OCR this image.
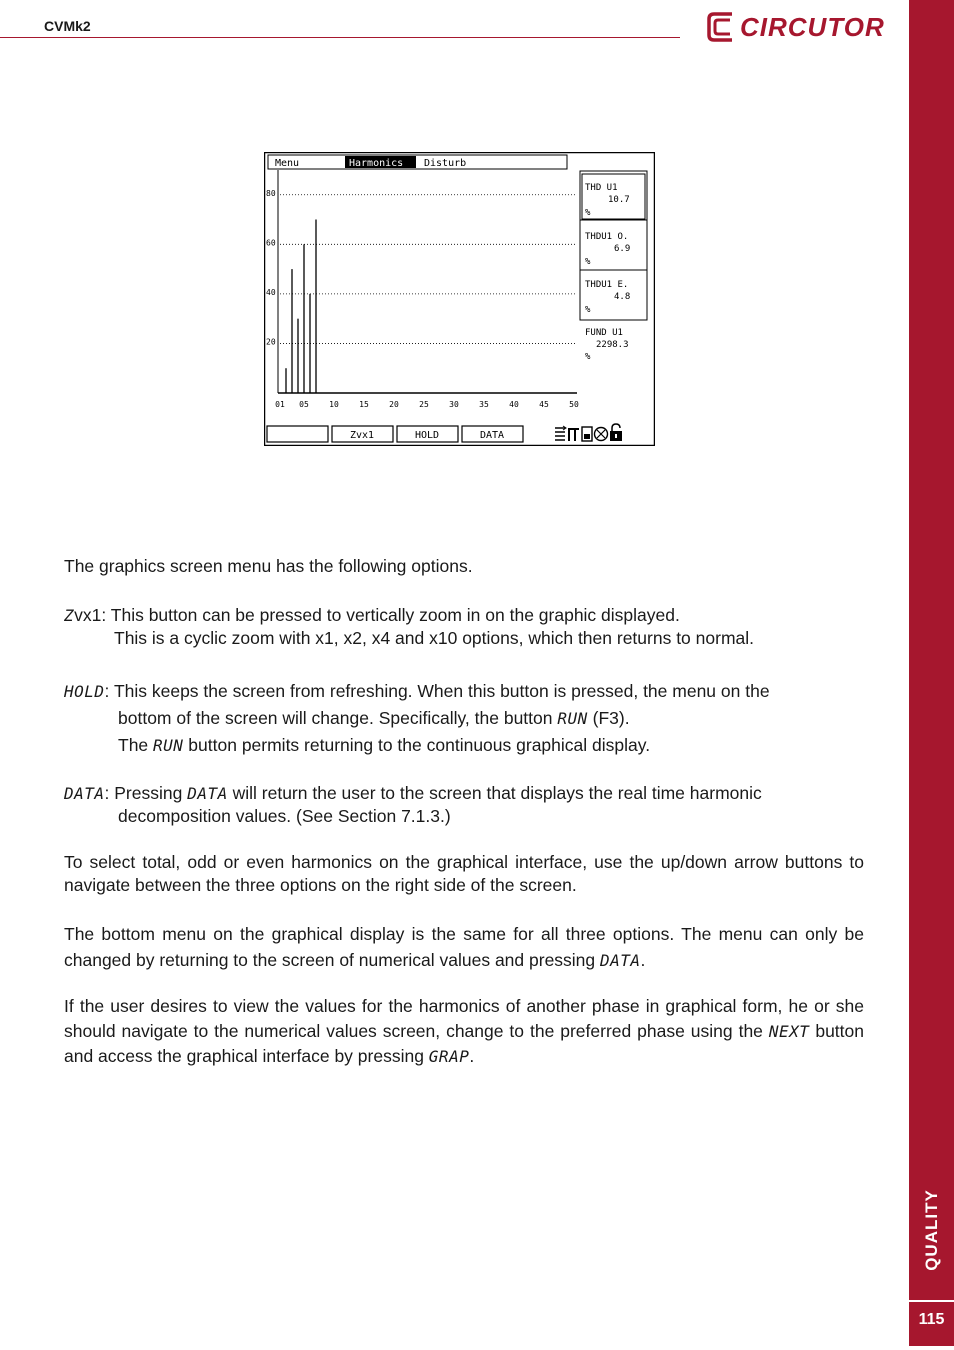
CVMk2	CIRCUTOR
QUALITY
115
Menu	Harmonics Disturb
80
60
40
20
01 05	10	15	20	25	30	35	40	45	50
THD U1
10.7
%
THDU1 O.
6.9
%
THDU1 E.
4.8
%
FUND U1
2298.3
%
Zvx1	HOLD	DATA
The graphics screen menu has the following options.
Zvx1: This button can be pressed to vertically zoom in on the graphic displayed.
This is a cyclic zoom with x1, x2, x4 and x10 options, which then returns to normal.
HOLD: This keeps the screen from refreshing. When this button is pressed, the menu on the
bottom of the screen will change. Specifically, the button RUN (F3).
The RUN button permits returning to the continuous graphical display.
DATA: Pressing DATA will return the user to the screen that displays the real time harmonic
decomposition values. (See Section 7.1.3.)
To select total, odd or even harmonics on the graphical interface, use the up/down arrow buttons to navigate between the three options on the right side of the screen.
The bottom menu on the graphical display is the same for all three options. The menu can only be changed by returning to the screen of numerical values and pressing DATA.
If the user desires to view the values for the harmonics of another phase in graphical form, he or she should navigate to the numerical values screen, change to the preferred phase using the NEXT button and access the graphical interface by pressing GRAP.
